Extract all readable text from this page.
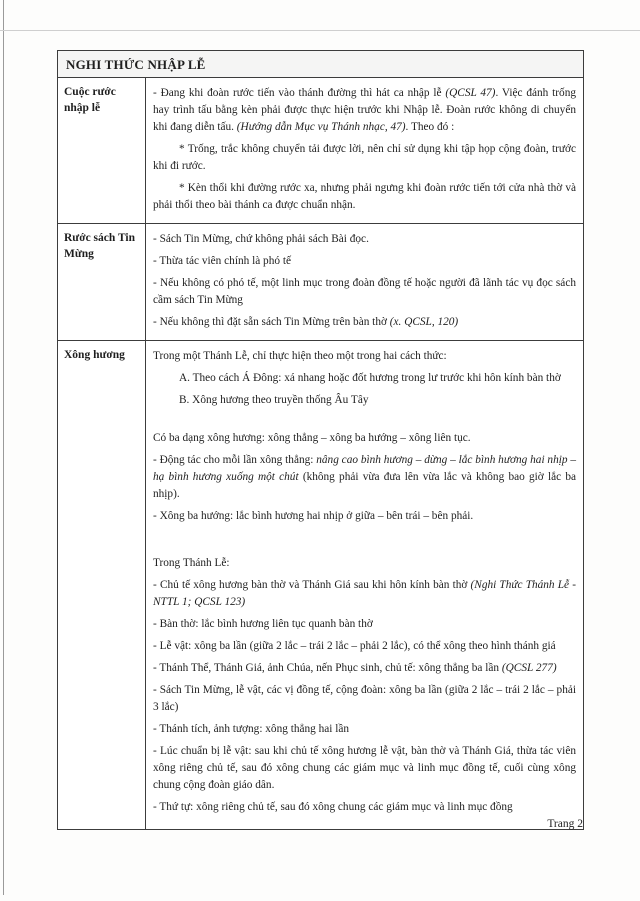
NGHI THỨC NHẬP LỄ
Cuộc rước nhập lễ

- Đang khi đoàn rước tiến vào thánh đường thì hát ca nhập lễ (QCSL 47). Việc đánh trống hay trình tấu bằng kèn phải được thực hiện trước khi Nhập lễ. Đoàn rước không di chuyển khi đang diễn tấu. (Hướng dẫn Mục vụ Thánh nhạc, 47). Theo đó :

* Trống, trắc không chuyển tải được lời, nên chỉ sử dụng khi tập họp cộng đoàn, trước khi đi rước.

* Kèn thổi khi đường rước xa, nhưng phải ngưng khi đoàn rước tiến tới cửa nhà thờ và phải thổi theo bài thánh ca được chuẩn nhận.

Rước sách Tin Mừng

- Sách Tin Mừng, chứ không phải sách Bài đọc.

- Thừa tác viên chính là phó tế

- Nếu không có phó tế, một linh mục trong đoàn đồng tế hoặc người đã lãnh tác vụ đọc sách cầm sách Tin Mừng

- Nếu không thì đặt sẵn sách Tin Mừng trên bàn thờ (x. QCSL, 120)

Xông hương	Trong một Thánh Lễ, chỉ thực hiện theo một trong hai cách thức:

A. Theo cách Á Đông: xá nhang hoặc đốt hương trong lư trước khi hôn kính bàn thờ

B. Xông hương theo truyền thống Âu Tây

Có ba dạng xông hương: xông thẳng – xông ba hướng – xông liên tục.

- Động tác cho mỗi lần xông thẳng: nâng cao bình hương – dừng – lắc bình hương hai nhịp – hạ bình hương xuống một chút (không phải vừa đưa lên vừa lắc và không bao giờ lắc ba nhịp).

- Xông ba hướng: lắc bình hương hai nhịp ở giữa – bên trái – bên phải.

Trong Thánh Lễ:

- Chủ tế xông hương bàn thờ và Thánh Giá sau khi hôn kính bàn thờ (Nghi Thức Thánh Lễ - NTTL 1; QCSL 123)

- Bàn thờ: lắc bình hương liên tục quanh bàn thờ

- Lễ vật: xông ba lần (giữa 2 lắc – trái 2 lắc – phải 2 lắc), có thể xông theo hình thánh giá

- Thánh Thể, Thánh Giá, ảnh Chúa, nến Phục sinh, chủ tế: xông thẳng ba lần (QCSL 277)

- Sách Tin Mừng, lễ vật, các vị đồng tế, cộng đoàn: xông ba lần (giữa 2 lắc – trái 2 lắc – phải 3 lắc)

- Thánh tích, ảnh tượng: xông thẳng hai lần

- Lúc chuẩn bị lễ vật: sau khi chủ tế xông hương lễ vật, bàn thờ và Thánh Giá, thừa tác viên xông riêng chủ tế, sau đó xông chung các giám mục và linh mục đồng tế, cuối cùng xông chung cộng đoàn giáo dân.

- Thứ tự: xông riêng chủ tế, sau đó xông chung các giám mục và linh mục đồng

Trang 2
